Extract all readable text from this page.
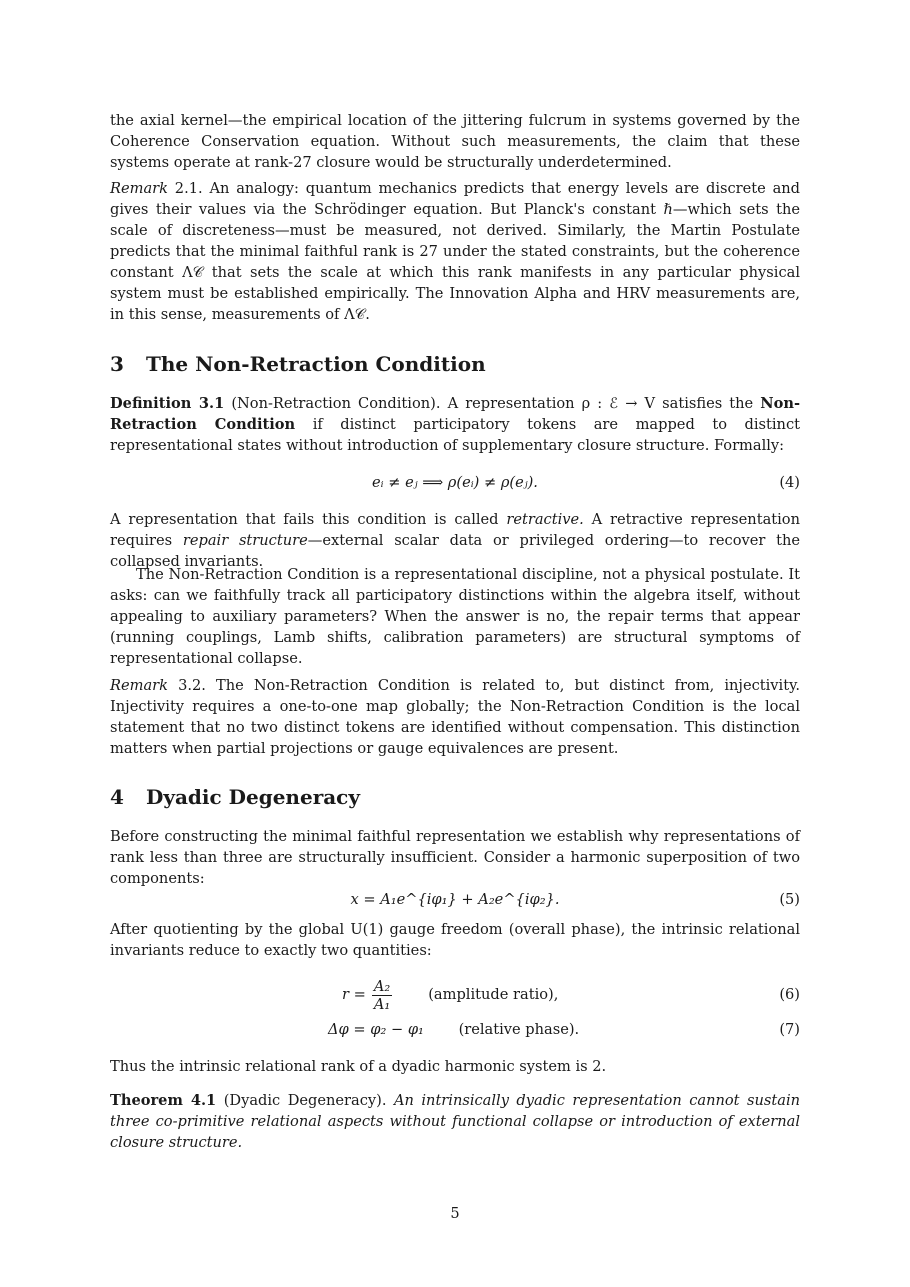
the axial kernel—the empirical location of the jittering fulcrum in systems governed by the Coherence Conservation equation. Without such measurements, the claim that these systems operate at rank-27 closure would be structurally underdetermined.

Remark 2.1. An analogy: quantum mechanics predicts that energy levels are discrete and gives their values via the Schrödinger equation. But Planck's constant ℏ—which sets the scale of discreteness—must be measured, not derived. Similarly, the Martin Postulate predicts that the minimal faithful rank is 27 under the stated constraints, but the coherence constant Λ𝒞 that sets the scale at which this rank manifests in any particular physical system must be established empirically. The Innovation Alpha and HRV measurements are, in this sense, measurements of Λ𝒞.

3 The Non-Retraction Condition

Definition 3.1 (Non-Retraction Condition). A representation ρ : ℰ → V satisfies the Non-Retraction Condition if distinct participatory tokens are mapped to distinct representational states without introduction of supplementary closure structure. Formally:

eᵢ ≠ eⱼ ⟹ ρ(eᵢ) ≠ ρ(eⱼ).	(4)

A representation that fails this condition is called retractive. A retractive representation requires repair structure—external scalar data or privileged ordering—to recover the collapsed invariants.

The Non-Retraction Condition is a representational discipline, not a physical postulate. It asks: can we faithfully track all participatory distinctions within the algebra itself, without appealing to auxiliary parameters? When the answer is no, the repair terms that appear (running couplings, Lamb shifts, calibration parameters) are structural symptoms of representational collapse.

Remark 3.2. The Non-Retraction Condition is related to, but distinct from, injectivity. Injectivity requires a one-to-one map globally; the Non-Retraction Condition is the local statement that no two distinct tokens are identified without compensation. This distinction matters when partial projections or gauge equivalences are present.

4 Dyadic Degeneracy

Before constructing the minimal faithful representation we establish why representations of rank less than three are structurally insufficient. Consider a harmonic superposition of two components:

x = A₁e^{iφ₁} + A₂e^{iφ₂}.	(5)

After quotienting by the global U(1) gauge freedom (overall phase), the intrinsic relational invariants reduce to exactly two quantities:

$r = \frac{\text{A₂}}{\text{A₁}}$ (amplitude ratio),	(6)
Δφ = φ₂ − φ₁ (relative phase).	(7)

Thus the intrinsic relational rank of a dyadic harmonic system is 2.

Theorem 4.1 (Dyadic Degeneracy). An intrinsically dyadic representation cannot sustain three co-primitive relational aspects without functional collapse or introduction of external closure structure.

5
